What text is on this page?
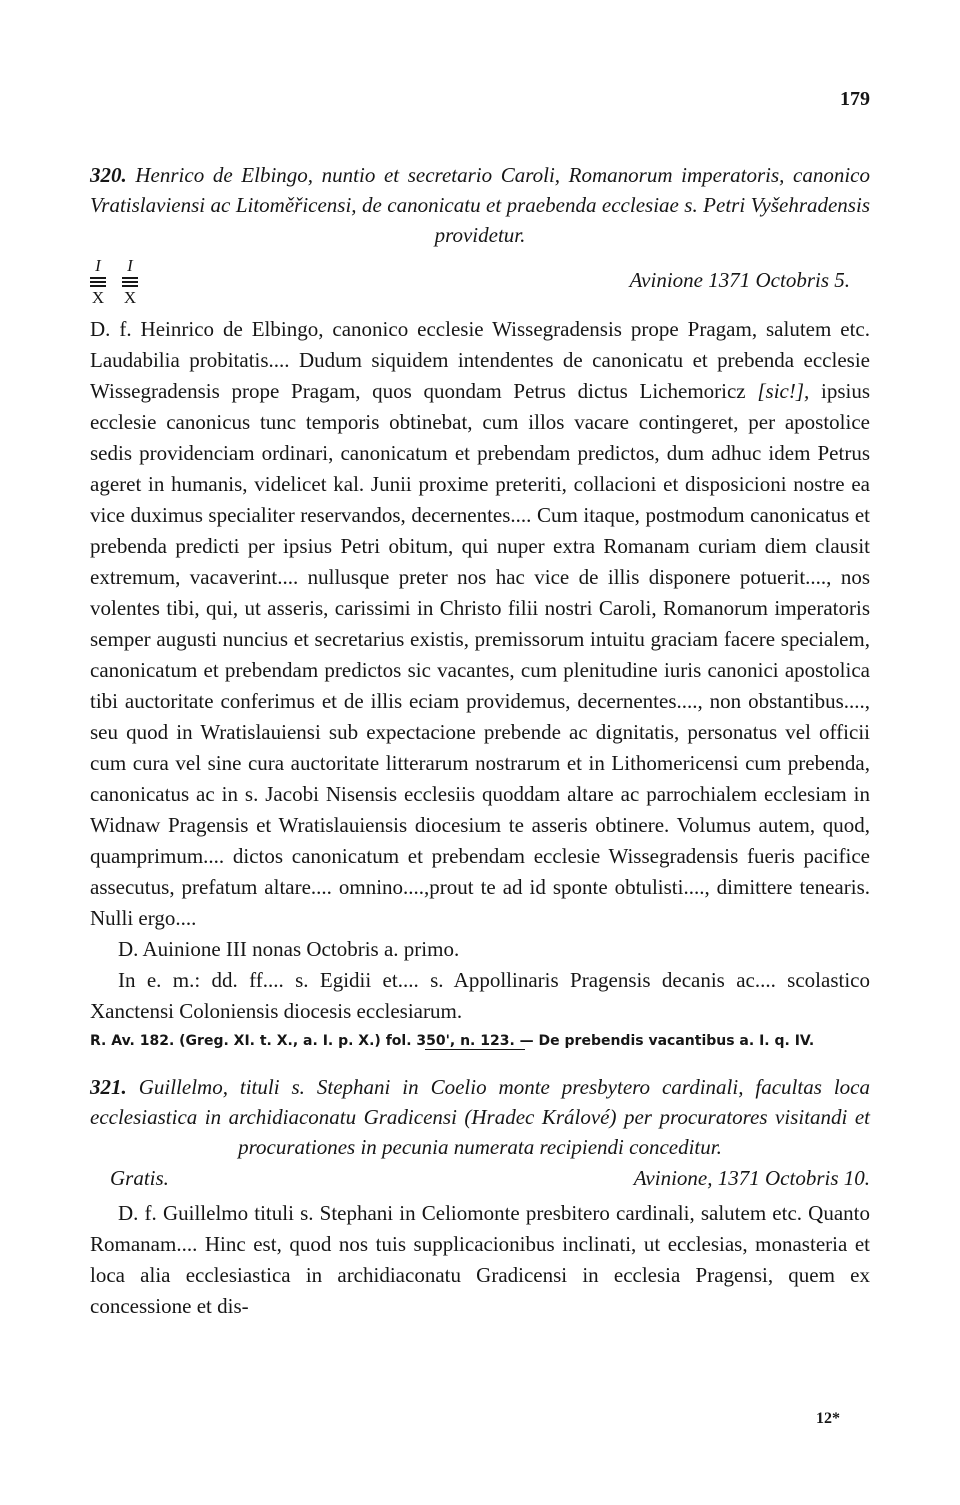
179

320. Henrico de Elbingo, nuntio et secretario Caroli, Romanorum imperatoris, canonico Vratislaviensi ac Litoměřicensi, de canonicatu et praebenda ecclesiae s. Petri Vyšehradensis providetur.

I
X
I
X
Avinione 1371 Octobris 5.

D. f. Heinrico de Elbingo, canonico ecclesie Wissegradensis prope Pragam, salutem etc. Laudabilia probitatis.... Dudum siquidem intendentes de canonicatu et prebenda ecclesie Wissegradensis prope Pragam, quos quondam Petrus dictus Lichemoricz [sic!], ipsius ecclesie canonicus tunc temporis obtinebat, cum illos vacare contingeret, per apostolice sedis providenciam ordinari, canonicatum et prebendam predictos, dum adhuc idem Petrus ageret in humanis, videlicet kal. Junii proxime preteriti, collacioni et disposicioni nostre ea vice duximus specialiter reservandos, decernentes.... Cum itaque, postmodum canonicatus et prebenda predicti per ipsius Petri obitum, qui nuper extra Romanam curiam diem clausit extremum, vacaverint.... nullusque preter nos hac vice de illis disponere potuerit...., nos volentes tibi, qui, ut asseris, carissimi in Christo filii nostri Caroli, Romanorum imperatoris semper augusti nuncius et secretarius existis, premissorum intuitu graciam facere specialem, canonicatum et prebendam predictos sic vacantes, cum plenitudine iuris canonici apostolica tibi auctoritate conferimus et de illis eciam providemus, decernentes...., non obstantibus...., seu quod in Wratislauiensi sub expectacione prebende ac dignitatis, personatus vel officii cum cura vel sine cura auctoritate litterarum nostrarum et in Lithomericensi cum prebenda, canonicatus ac in s. Jacobi Nisensis ecclesiis quoddam altare ac parrochialem ecclesiam in Widnaw Pragensis et Wratislauiensis diocesium te asseris obtinere. Volumus autem, quod, quamprimum.... dictos canonicatum et prebendam ecclesie Wissegradensis fueris pacifice assecutus, prefatum altare.... omnino....,prout te ad id sponte obtulisti...., dimittere tenearis. Nulli ergo....

D. Auinione III nonas Octobris a. primo.

In e. m.: dd. ff.... s. Egidii et.... s. Appollinaris Pragensis decanis ac.... scolastico Xanctensi Coloniensis diocesis ecclesiarum.

R. Av. 182. (Greg. XI. t. X., a. I. p. X.) fol. 350', n. 123. — De prebendis vacantibus a. I. q. IV.

321. Guillelmo, tituli s. Stephani in Coelio monte presbytero cardinali, facultas loca ecclesiastica in archidiaconatu Gradicensi (Hradec Králové) per procuratores visitandi et procurationes in pecunia numerata recipiendi conceditur.

Gratis.	Avinione, 1371 Octobris 10.

D. f. Guillelmo tituli s. Stephani in Celiomonte presbitero cardinali, salutem etc. Quanto Romanam.... Hinc est, quod nos tuis supplicacionibus inclinati, ut ecclesias, monasteria et loca alia ecclesiastica in archidiaconatu Gradicensi in ecclesia Pragensi, quem ex concessione et dis-

12*
